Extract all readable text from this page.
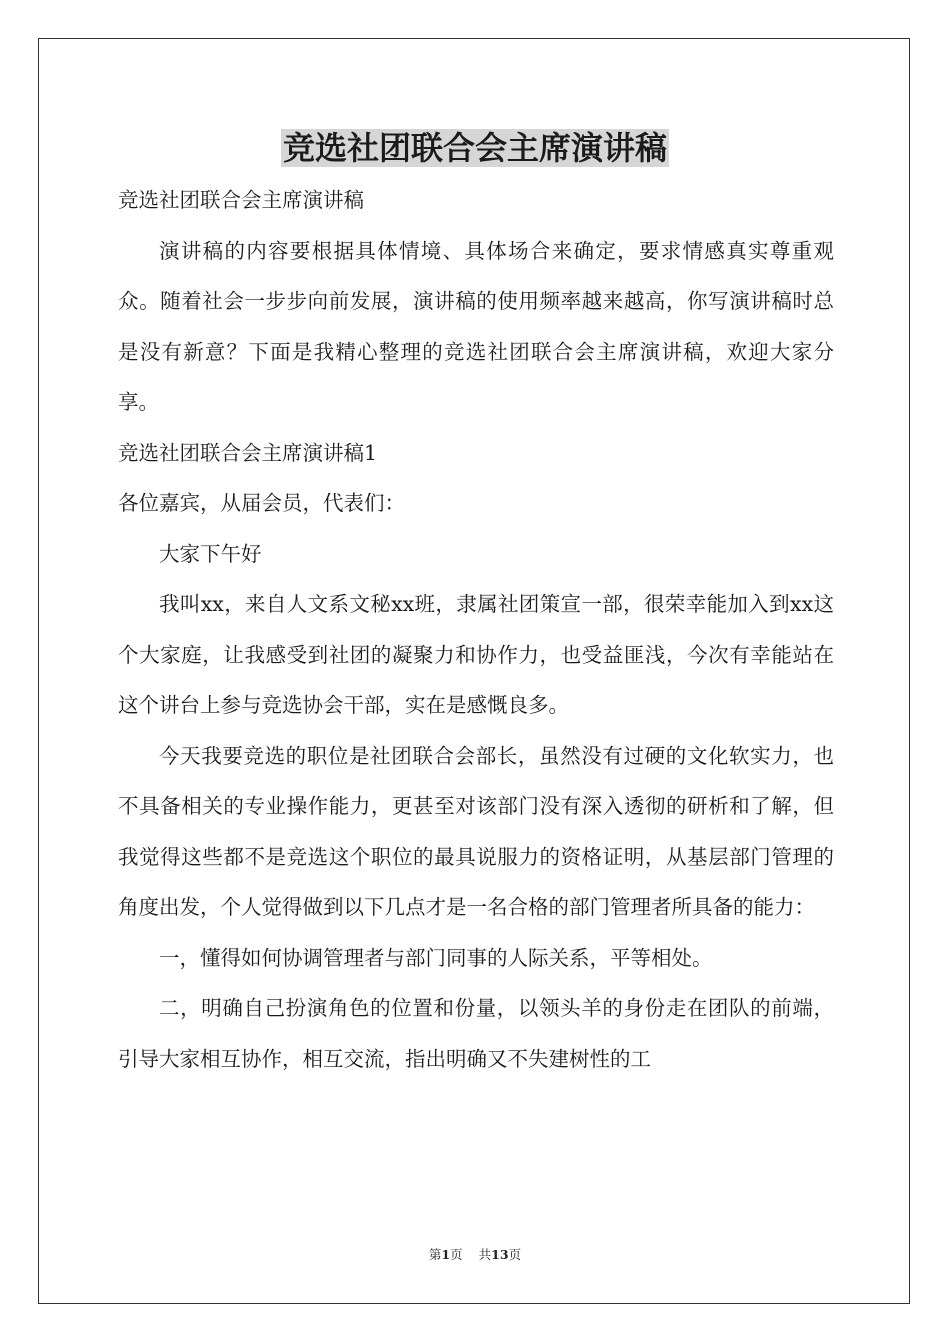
竞选社团联合会主席演讲稿

竞选社团联合会主席演讲稿

演讲稿的内容要根据具体情境、具体场合来确定，要求情感真实尊重观众。随着社会一步步向前发展，演讲稿的使用频率越来越高，你写演讲稿时总是没有新意？下面是我精心整理的竞选社团联合会主席演讲稿，欢迎大家分享。

竞选社团联合会主席演讲稿1

各位嘉宾，从届会员，代表们：

大家下午好

我叫xx，来自人文系文秘xx班，隶属社团策宣一部，很荣幸能加入到xx这个大家庭，让我感受到社团的凝聚力和协作力，也受益匪浅，今次有幸能站在这个讲台上参与竞选协会干部，实在是感慨良多。

今天我要竞选的职位是社团联合会部长，虽然没有过硬的文化软实力，也不具备相关的专业操作能力，更甚至对该部门没有深入透彻的研析和了解，但我觉得这些都不是竞选这个职位的最具说服力的资格证明，从基层部门管理的角度出发，个人觉得做到以下几点才是一名合格的部门管理者所具备的能力：

一，懂得如何协调管理者与部门同事的人际关系，平等相处。

二，明确自己扮演角色的位置和份量，以领头羊的身份走在团队的前端，引导大家相互协作，相互交流，指出明确又不失建树性的工

第1页 共13页
